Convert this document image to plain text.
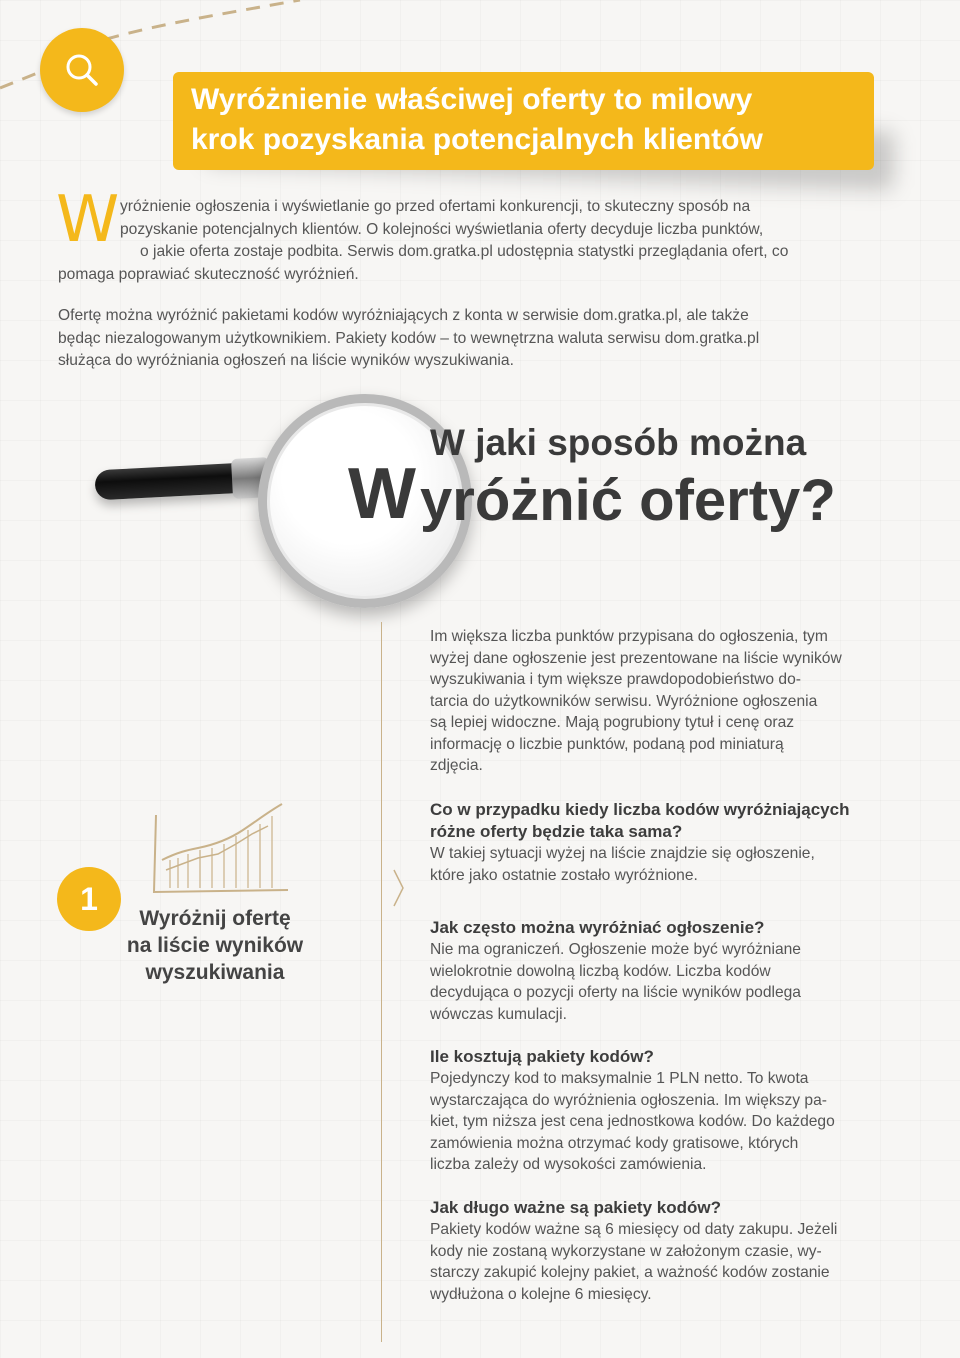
Wyróżnienie właściwej oferty to milowy
krok pozyskania potencjalnych klientów
W yróżnienie ogłoszenia i wyświetlanie go przed ofertami konkurencji, to skuteczny sposób na
pozyskanie potencjalnych klientów. O kolejności wyświetlania oferty decyduje liczba punktów,
o jakie oferta zostaje podbita. Serwis dom.gratka.pl udostępnia statystki przeglądania ofert, co
pomaga poprawiać skuteczność wyróżnień.
Ofertę można wyróżnić pakietami kodów wyróżniających z konta w serwisie dom.gratka.pl, ale także
będąc niezalogowanym użytkownikiem. Pakiety kodów – to wewnętrzna waluta serwisu dom.gratka.pl
służąca do wyróżniania ogłoszeń na liście wyników wyszukiwania.
W jaki sposób można
W yróżnić oferty?
1
Wyróżnij ofertę
na liście wyników
wyszukiwania
Im większa liczba punktów przypisana do ogłoszenia, tym
wyżej dane ogłoszenie jest prezentowane na liście wyników
wyszukiwania i tym większe prawdopodobieństwo do-
tarcia do użytkowników serwisu. Wyróżnione ogłoszenia
są lepiej widoczne. Mają pogrubiony tytuł i cenę oraz
informację o liczbie punktów, podaną pod miniaturą
zdjęcia.
Co w przypadku kiedy liczba kodów wyróżniających
różne oferty będzie taka sama?
W takiej sytuacji wyżej na liście znajdzie się ogłoszenie,
które jako ostatnie zostało wyróżnione.
Jak często można wyróżniać ogłoszenie?
Nie ma ograniczeń. Ogłoszenie może być wyróżniane
wielokrotnie dowolną liczbą kodów. Liczba kodów
decydująca o pozycji oferty na liście wyników podlega
wówczas kumulacji.
Ile kosztują pakiety kodów?
Pojedynczy kod to maksymalnie 1 PLN netto. To kwota
wystarczająca do wyróżnienia ogłoszenia. Im większy pa-
kiet, tym niższa jest cena jednostkowa kodów. Do każdego
zamówienia można otrzymać kody gratisowe, których
liczba zależy od wysokości zamówienia.
Jak długo ważne są pakiety kodów?
Pakiety kodów ważne są 6 miesięcy od daty zakupu. Jeżeli
kody nie zostaną wykorzystane w założonym czasie, wy-
starczy zakupić kolejny pakiet, a ważność kodów zostanie
wydłużona o kolejne 6 miesięcy.
